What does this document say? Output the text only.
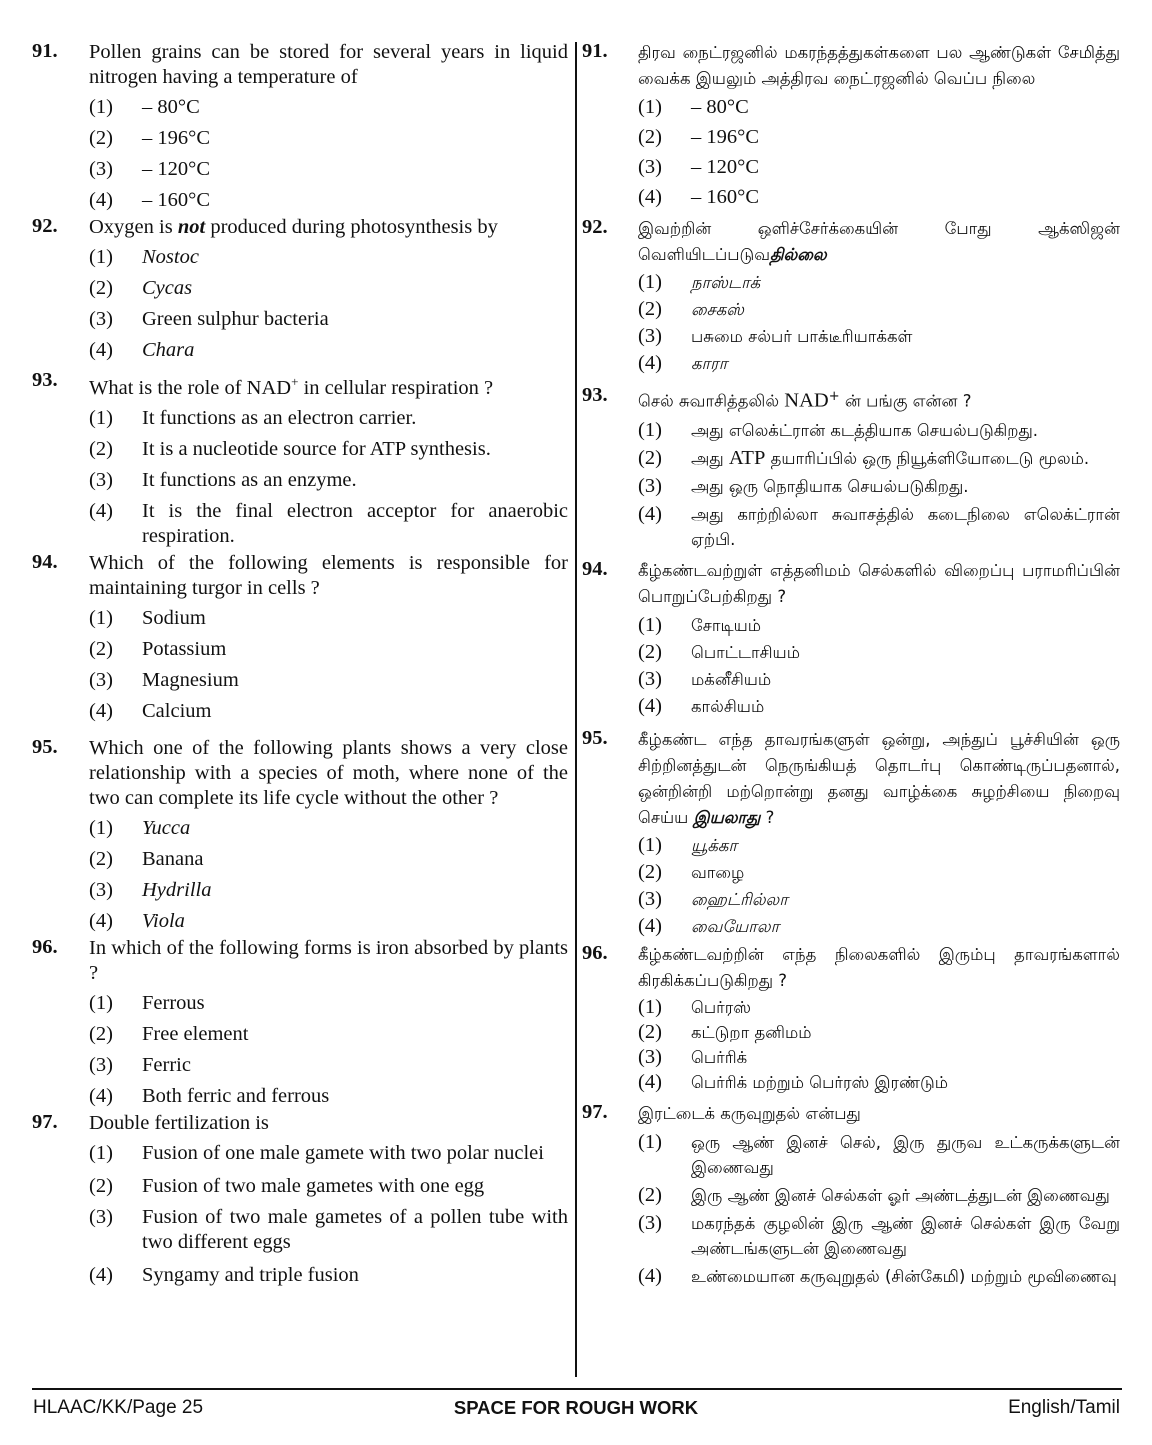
91.	Pollen grains can be stored for several years in liquid nitrogen having a temperature of
(1)	– 80°C
(2)	– 196°C
(3)	– 120°C
(4)	– 160°C
92.	Oxygen is not produced during photosynthesis by
(1)	Nostoc
(2)	Cycas
(3)	Green sulphur bacteria
(4)	Chara
93.	What is the role of NAD+ in cellular respiration ?
(1)	It functions as an electron carrier.
(2)	It is a nucleotide source for ATP synthesis.
(3)	It functions as an enzyme.
(4)	It is the final electron acceptor for anaerobic respiration.
94.	Which of the following elements is responsible for maintaining turgor in cells ?
(1)	Sodium
(2)	Potassium
(3)	Magnesium
(4)	Calcium
95.	Which one of the following plants shows a very close relationship with a species of moth, where none of the two can complete its life cycle without the other ?
(1)	Yucca
(2)	Banana
(3)	Hydrilla
(4)	Viola
96.	In which of the following forms is iron absorbed by plants ?
(1)	Ferrous
(2)	Free element
(3)	Ferric
(4)	Both ferric and ferrous
97.	Double fertilization is
(1)	Fusion of one male gamete with two polar nuclei
(2)	Fusion of two male gametes with one egg
(3)	Fusion of two male gametes of a pollen tube with two different eggs
(4)	Syngamy and triple fusion
91.	திரவ நைட்ரஜனில் மகரந்தத்துகள்களை பல ஆண்டுகள் சேமித்து வைக்க இயலும் அத்திரவ நைட்ரஜனில் வெப்ப நிலை
(1)	– 80°C
(2)	– 196°C
(3)	– 120°C
(4)	– 160°C
92.	இவற்றின் ஒளிச்சேர்க்கையின் போது ஆக்ஸிஜன் வெளியிடப்படுவதில்லை
(1)	நாஸ்டாக்
(2)	சைகஸ்
(3)	பசுமை சல்பர் பாக்டீரியாக்கள்
(4)	காரா
93.	செல் சுவாசித்தலில் NAD+ ன் பங்கு என்ன ?
(1)	அது எலெக்ட்ரான் கடத்தியாக செயல்படுகிறது.
(2)	அது ATP தயாரிப்பில் ஒரு நியூக்ளியோடைடு மூலம்.
(3)	அது ஒரு நொதியாக செயல்படுகிறது.
(4)	அது காற்றில்லா சுவாசத்தில் கடைநிலை எலெக்ட்ரான் ஏற்பி.
94.	கீழ்கண்டவற்றுள் எத்தனிமம் செல்களில் விறைப்பு பராமரிப்பின் பொறுப்பேற்கிறது ?
(1)	சோடியம்
(2)	பொட்டாசியம்
(3)	மக்னீசியம்
(4)	கால்சியம்
95.	கீழ்கண்ட எந்த தாவரங்களுள் ஒன்று, அந்துப் பூச்சியின் ஒரு சிற்றினத்துடன் நெருங்கியத் தொடர்பு கொண்டிருப்பதனால், ஒன்றின்றி மற்றொன்று தனது வாழ்க்கை சுழற்சியை நிறைவு செய்ய இயலாது ?
(1)	யூக்கா
(2)	வாழை
(3)	ஹைட்ரில்லா
(4)	வையோலா
96.	கீழ்கண்டவற்றின் எந்த நிலைகளில் இரும்பு தாவரங்களால் கிரகிக்கப்படுகிறது ?
(1)	பெர்ரஸ்
(2)	கட்டுறா தனிமம்
(3)	பெர்ரிக்
(4)	பெர்ரிக் மற்றும் பெர்ரஸ் இரண்டும்
97.	இரட்டைக் கருவுறுதல் என்பது
(1)	ஒரு ஆண் இனச் செல், இரு துருவ உட்கருக்களுடன் இணைவது
(2)	இரு ஆண் இனச் செல்கள் ஓர் அண்டத்துடன் இணைவது
(3)	மகரந்தக் குழலின் இரு ஆண் இனச் செல்கள் இரு வேறு அண்டங்களுடன் இணைவது
(4)	உண்மையான கருவுறுதல் (சின்கேமி) மற்றும் மூவிணைவு
SPACE FOR ROUGH WORK
HLAAC/KK/Page 25	English/Tamil
